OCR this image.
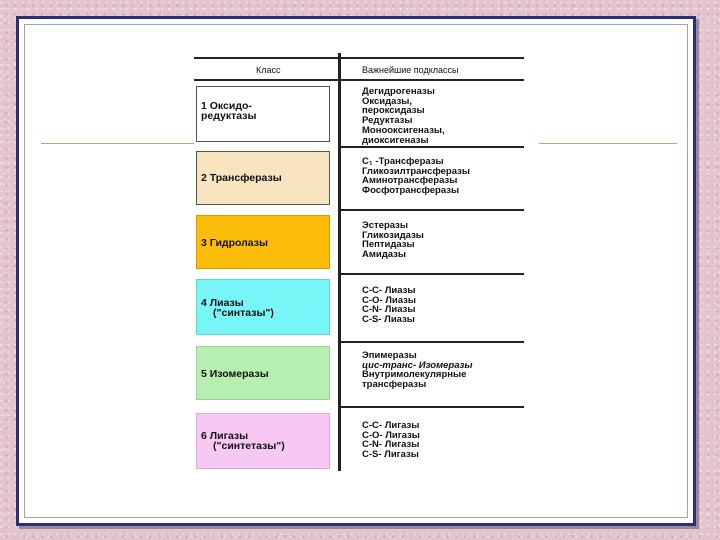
Класс	Важнейшие подклассы
1 Оксидо-
редуктазы
Дегидрогеназы
Оксидазы,
пероксидазы
Редуктазы
Монооксигеназы,
диоксигеназы
2 Трансферазы
C₁ -Трансферазы
Гликозилтрансферазы
Аминотрансферазы
Фосфотрансферазы
3 Гидролазы
Эстеразы
Гликозидазы
Пептидазы
Амидазы
4 Лиазы
("синтазы")
С-С- Лиазы
С-О- Лиазы
С-N- Лиазы
С-S- Лиазы
5 Изомеразы
Эпимеразы
цис-транс- Изомеразы
Внутримолекулярные
трансферазы
6 Лигазы
("синтетазы")
С-С- Лигазы
С-О- Лигазы
С-N- Лигазы
С-S- Лигазы
